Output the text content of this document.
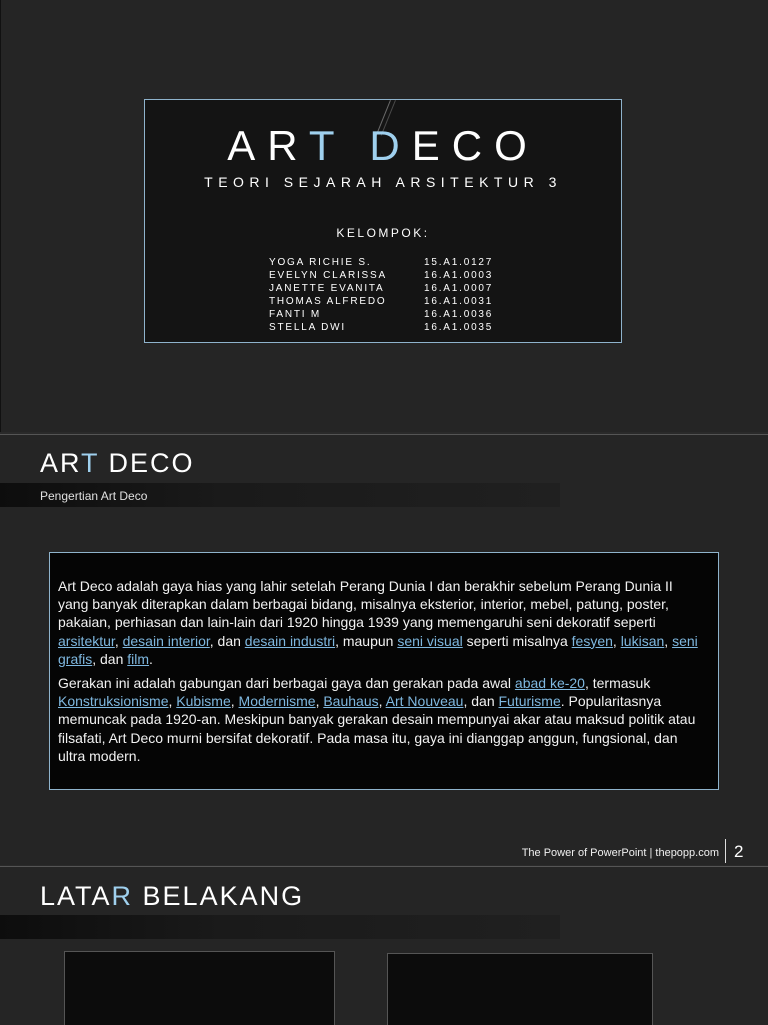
ART DECO
TEORI SEJARAH ARSITEKTUR 3
KELOMPOK:
YOGA RICHIE S.	15.A1.0127
EVELYN CLARISSA	16.A1.0003
JANETTE EVANITA	16.A1.0007
THOMAS ALFREDO	16.A1.0031
FANTI M	16.A1.0036
STELLA DWI	16.A1.0035
ART DECO
Pengertian Art Deco

Art Deco adalah gaya hias yang lahir setelah Perang Dunia I dan berakhir sebelum Perang Dunia II yang banyak diterapkan dalam berbagai bidang, misalnya eksterior, interior, mebel, patung, poster, pakaian, perhiasan dan lain-lain dari 1920 hingga 1939 yang memengaruhi seni dekoratif seperti arsitektur, desain interior, dan desain industri, maupun seni visual seperti misalnya fesyen, lukisan, seni grafis, dan film.

Gerakan ini adalah gabungan dari berbagai gaya dan gerakan pada awal abad ke-20, termasuk Konstruksionisme, Kubisme, Modernisme, Bauhaus, Art Nouveau, dan Futurisme. Popularitasnya memuncak pada 1920-an. Meskipun banyak gerakan desain mempunyai akar atau maksud politik atau filsafati, Art Deco murni bersifat dekoratif. Pada masa itu, gaya ini dianggap anggun, fungsional, dan ultra modern.

The Power of PowerPoint | thepopp.com 2
LATAR BELAKANG
